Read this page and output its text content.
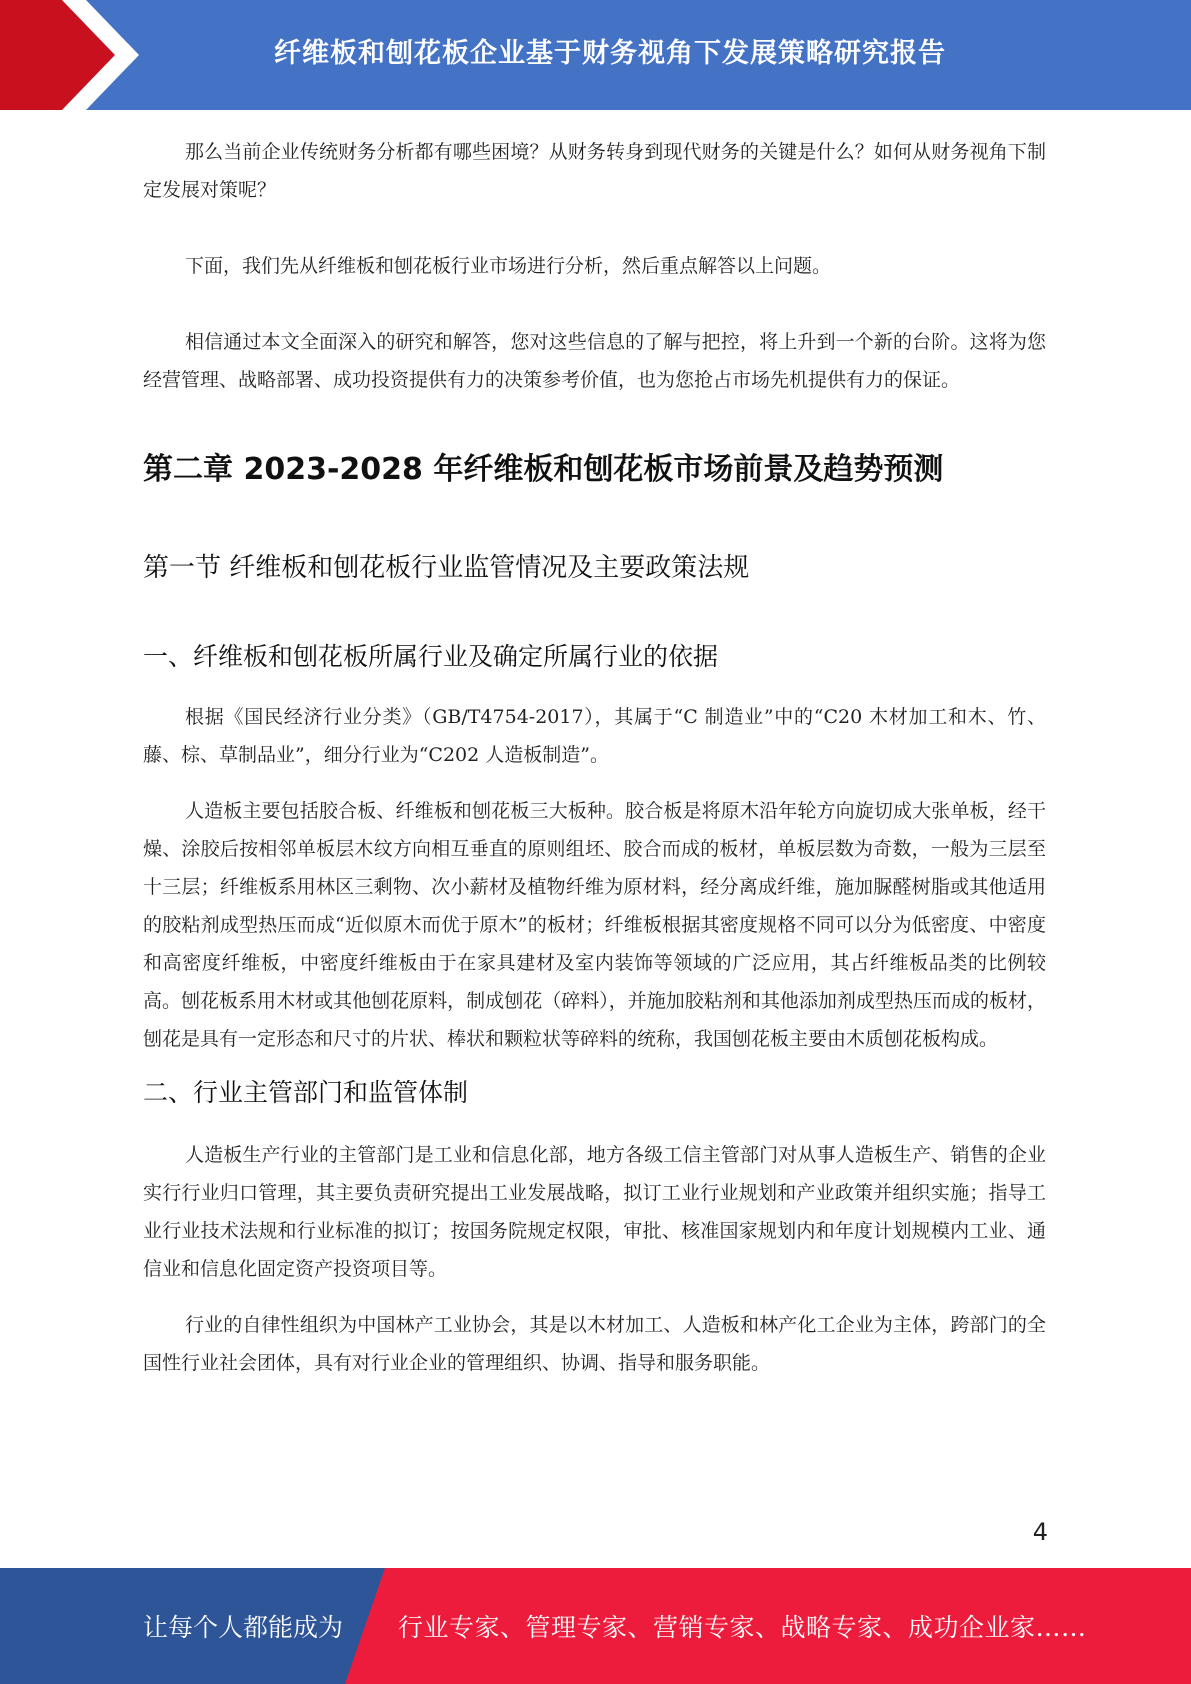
纤维板和刨花板企业基于财务视角下发展策略研究报告

那么当前企业传统财务分析都有哪些困境？从财务转身到现代财务的关键是什么？如何从财务视角下制定发展对策呢？

下面，我们先从纤维板和刨花板行业市场进行分析，然后重点解答以上问题。

相信通过本文全面深入的研究和解答，您对这些信息的了解与把控，将上升到一个新的台阶。这将为您经营管理、战略部署、成功投资提供有力的决策参考价值，也为您抢占市场先机提供有力的保证。

第二章 2023-2028 年纤维板和刨花板市场前景及趋势预测
第一节 纤维板和刨花板行业监管情况及主要政策法规
一、纤维板和刨花板所属行业及确定所属行业的依据

根据《国民经济行业分类》（GB/T4754-2017），其属于“C 制造业”中的“C20 木材加工和木、竹、藤、棕、草制品业”，细分行业为“C202 人造板制造”。

人造板主要包括胶合板、纤维板和刨花板三大板种。胶合板是将原木沿年轮方向旋切成大张单板，经干燥、涂胶后按相邻单板层木纹方向相互垂直的原则组坯、胶合而成的板材，单板层数为奇数，一般为三层至十三层；纤维板系用林区三剩物、次小薪材及植物纤维为原材料，经分离成纤维，施加脲醛树脂或其他适用的胶粘剂成型热压而成“近似原木而优于原木”的板材；纤维板根据其密度规格不同可以分为低密度、中密度和高密度纤维板，中密度纤维板由于在家具建材及室内装饰等领域的广泛应用，其占纤维板品类的比例较高。刨花板系用木材或其他刨花原料，制成刨花（碎料），并施加胶粘剂和其他添加剂成型热压而成的板材，刨花是具有一定形态和尺寸的片状、棒状和颗粒状等碎料的统称，我国刨花板主要由木质刨花板构成。

二、行业主管部门和监管体制

人造板生产行业的主管部门是工业和信息化部，地方各级工信主管部门对从事人造板生产、销售的企业实行行业归口管理，其主要负责研究提出工业发展战略，拟订工业行业规划和产业政策并组织实施；指导工业行业技术法规和行业标准的拟订；按国务院规定权限，审批、核准国家规划内和年度计划规模内工业、通信业和信息化固定资产投资项目等。

行业的自律性组织为中国林产工业协会，其是以木材加工、人造板和林产化工企业为主体，跨部门的全国性行业社会团体，具有对行业企业的管理组织、协调、指导和服务职能。

4
让每个人都能成为 行业专家、管理专家、营销专家、战略专家、成功企业家……
